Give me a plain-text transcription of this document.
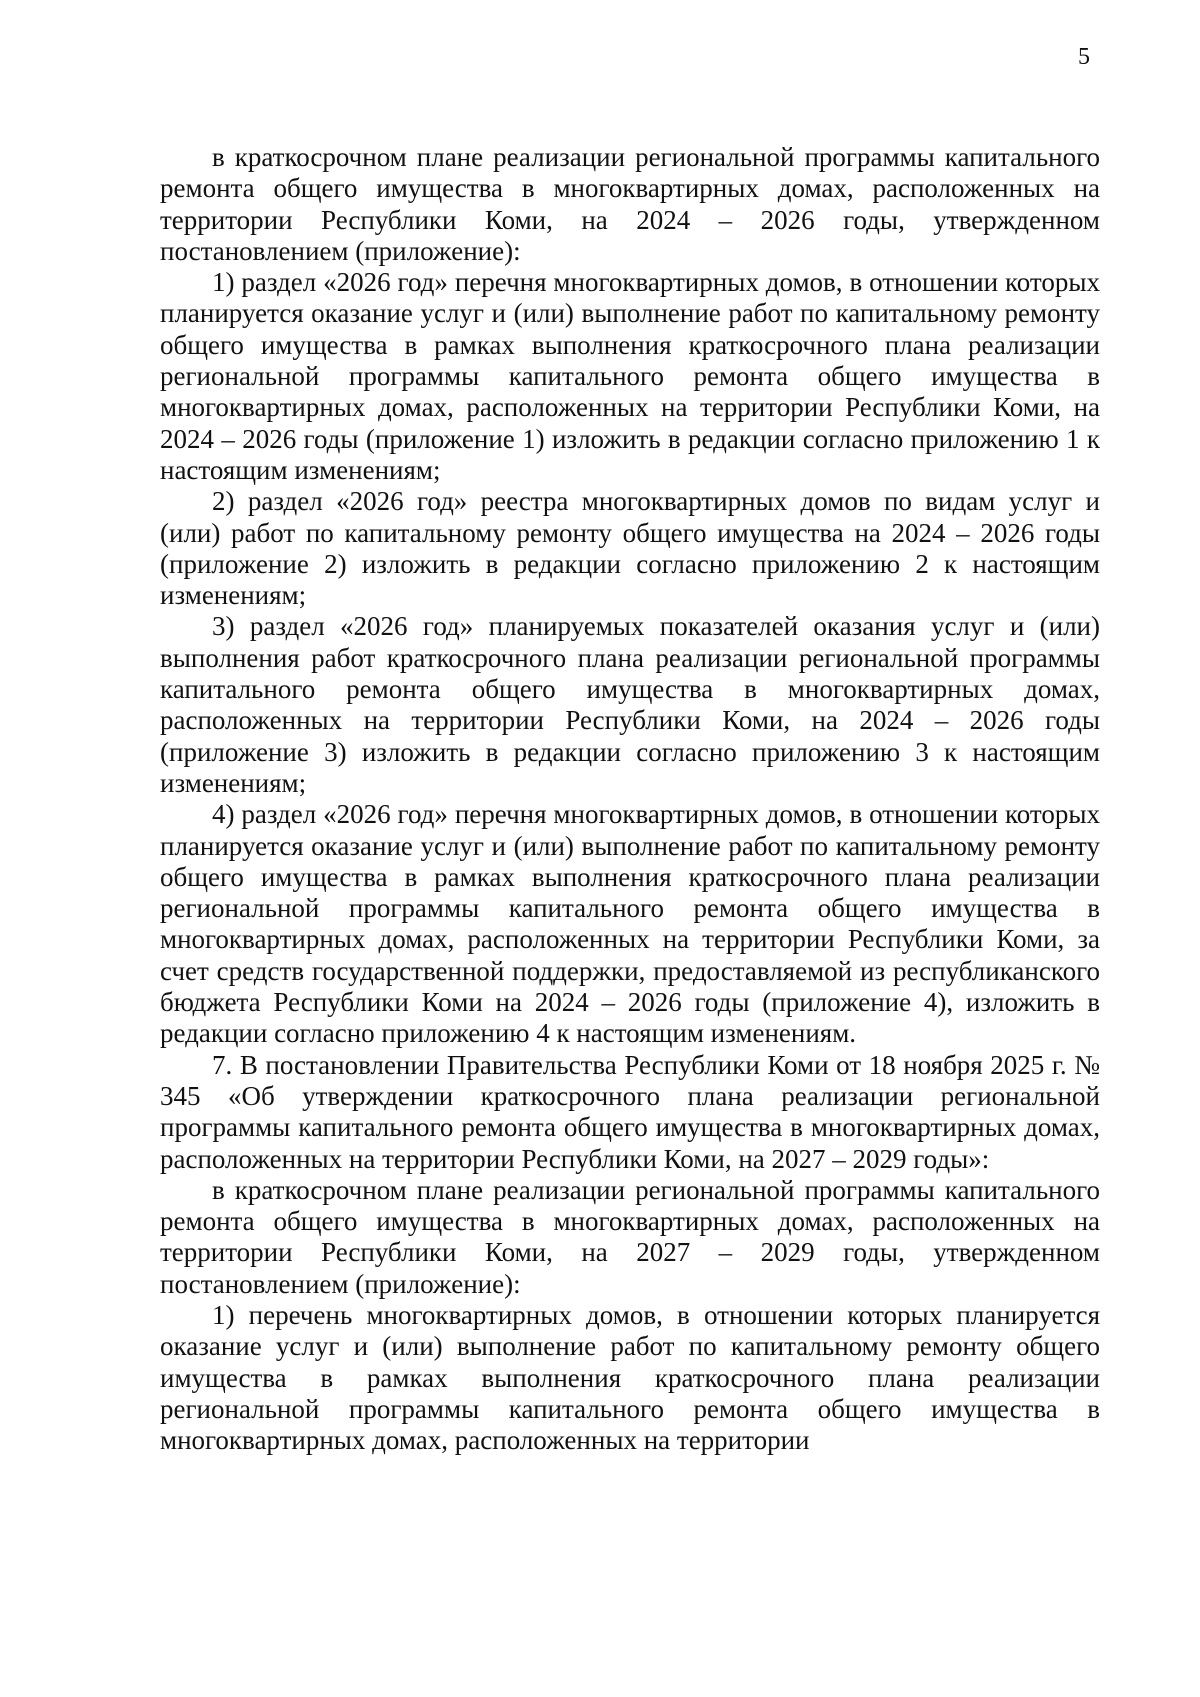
5

в краткосрочном плане реализации региональной программы капитального ремонта общего имущества в многоквартирных домах, расположенных на территории Республики Коми, на 2024 – 2026 годы, утвержденном постановлением (приложение):

1) раздел «2026 год» перечня многоквартирных домов, в отношении которых планируется оказание услуг и (или) выполнение работ по капитальному ремонту общего имущества в рамках выполнения краткосрочного плана реализации региональной программы капитального ремонта общего имущества в многоквартирных домах, расположенных на территории Республики Коми, на 2024 – 2026 годы (приложение 1) изложить в редакции согласно приложению 1 к настоящим изменениям;

2) раздел «2026 год» реестра многоквартирных домов по видам услуг и (или) работ по капитальному ремонту общего имущества на 2024 – 2026 годы (приложение 2) изложить в редакции согласно приложению 2 к настоящим изменениям;

3) раздел «2026 год» планируемых показателей оказания услуг и (или) выполнения работ краткосрочного плана реализации региональной программы капитального ремонта общего имущества в многоквартирных домах, расположенных на территории Республики Коми, на 2024 – 2026 годы (приложение 3) изложить в редакции согласно приложению 3 к настоящим изменениям;

4) раздел «2026 год» перечня многоквартирных домов, в отношении которых планируется оказание услуг и (или) выполнение работ по капитальному ремонту общего имущества в рамках выполнения краткосрочного плана реализации региональной программы капитального ремонта общего имущества в многоквартирных домах, расположенных на территории Республики Коми, за счет средств государственной поддержки, предоставляемой из республиканского бюджета Республики Коми на 2024 – 2026 годы (приложение 4), изложить в редакции согласно приложению 4 к настоящим изменениям.

7. В постановлении Правительства Республики Коми от 18 ноября 2025 г. № 345 «Об утверждении краткосрочного плана реализации региональной программы капитального ремонта общего имущества в многоквартирных домах, расположенных на территории Республики Коми, на 2027 – 2029 годы»:

в краткосрочном плане реализации региональной программы капитального ремонта общего имущества в многоквартирных домах, расположенных на территории Республики Коми, на 2027 – 2029 годы, утвержденном постановлением (приложение):

1) перечень многоквартирных домов, в отношении которых планируется оказание услуг и (или) выполнение работ по капитальному ремонту общего имущества в рамках выполнения краткосрочного плана реализации региональной программы капитального ремонта общего имущества в многоквартирных домах, расположенных на территории
